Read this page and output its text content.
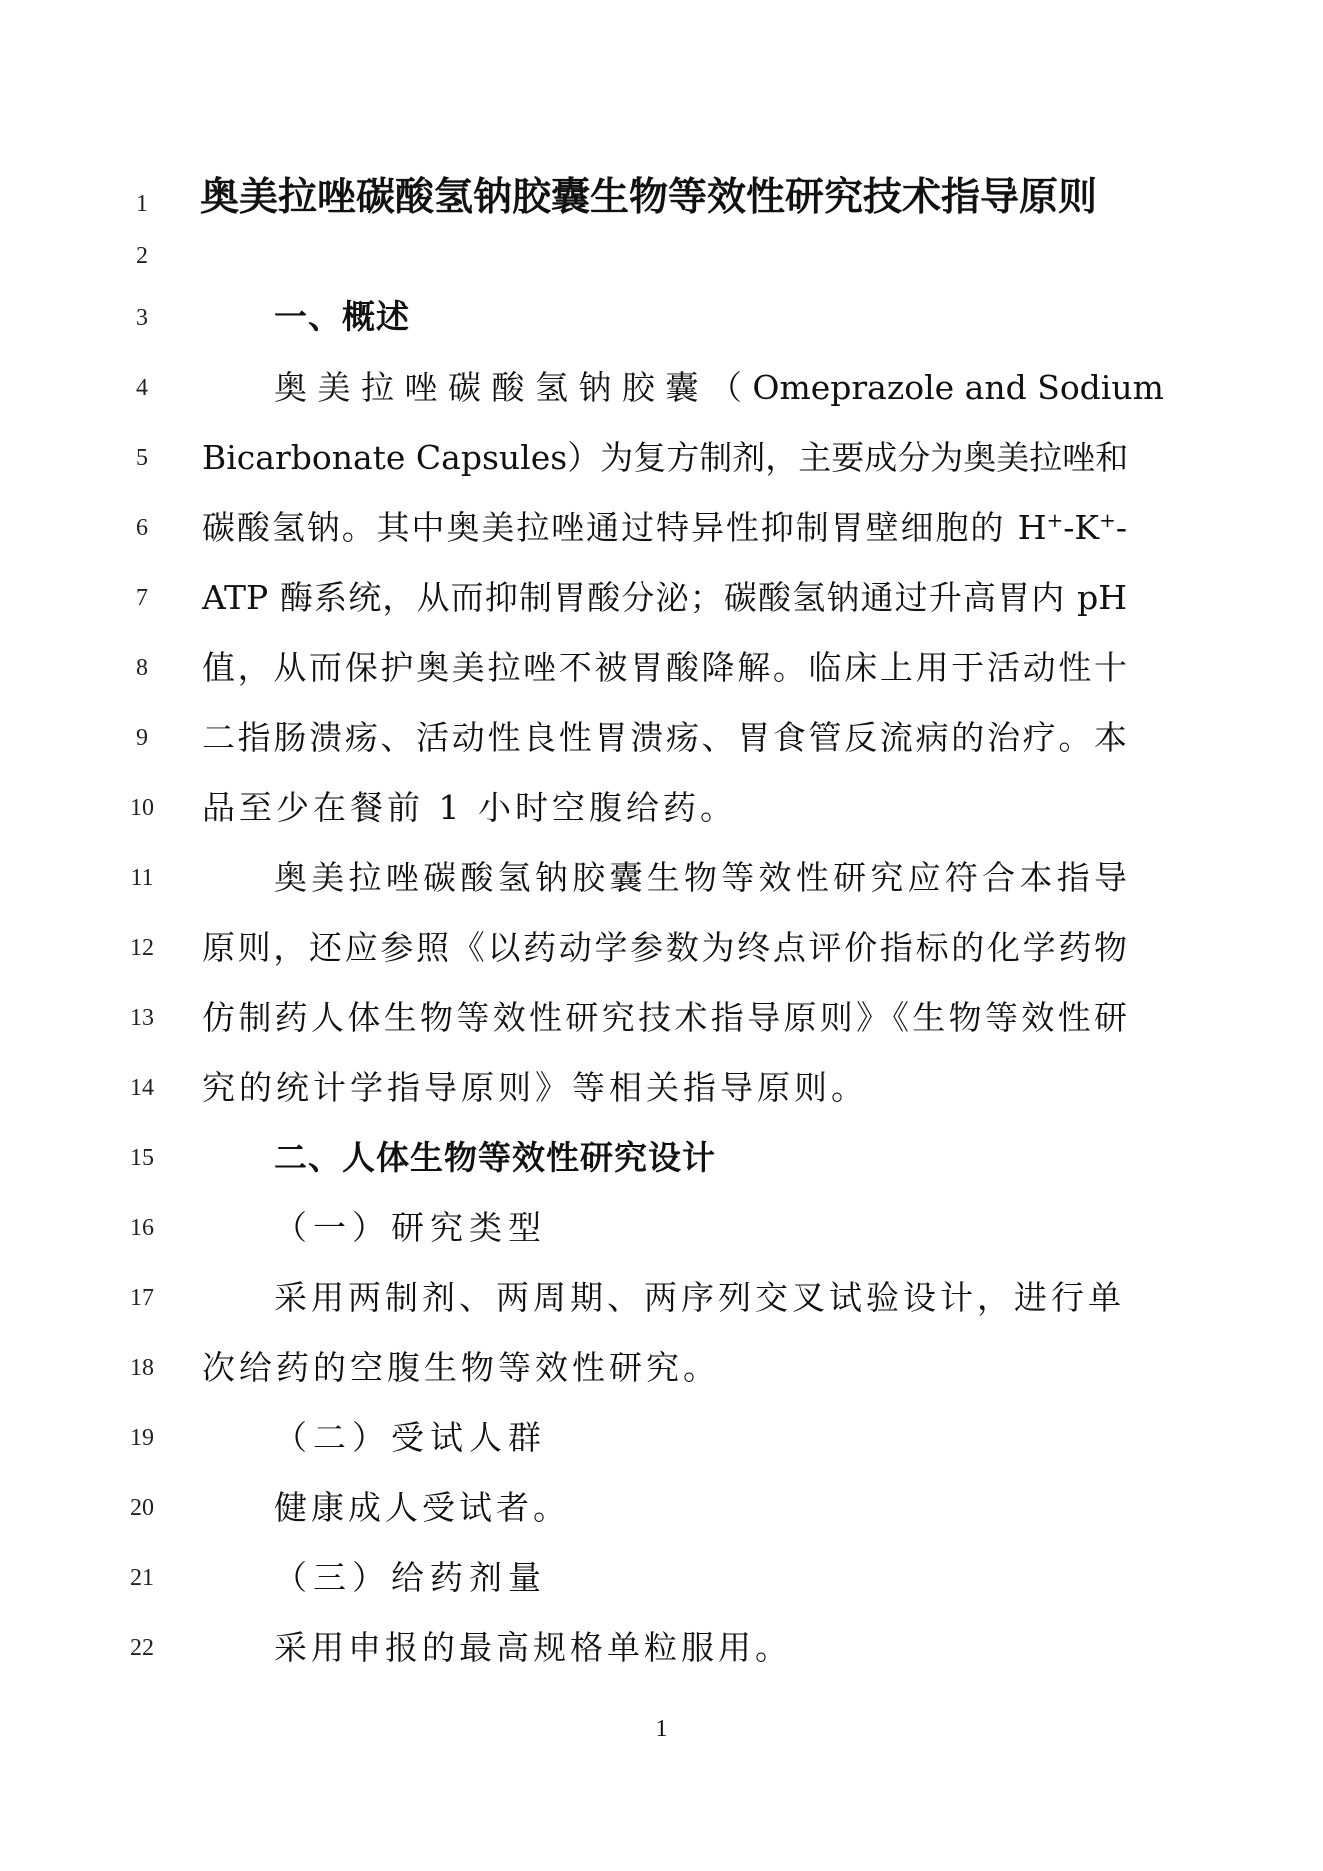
1
2
3
4
5
6
7
8
9
10
11
12
13
14
15
16
17
18
19
20
21
22
奥美拉唑碳酸氢钠胶囊生物等效性研究技术指导原则
一、概述
奥 美 拉 唑 碳 酸 氢 钠 胶 囊 （ Omeprazole and Sodium
Bicarbonate Capsules）为复方制剂，主要成分为奥美拉唑和
碳酸氢钠。其中奥美拉唑通过特异性抑制胃壁细胞的 H+-K+-
ATP 酶系统，从而抑制胃酸分泌；碳酸氢钠通过升高胃内 pH
值，从而保护奥美拉唑不被胃酸降解。临床上用于活动性十
二指肠溃疡、活动性良性胃溃疡、胃食管反流病的治疗。本
品至少在餐前 1 小时空腹给药。
奥美拉唑碳酸氢钠胶囊生物等效性研究应符合本指导
原则，还应参照《以药动学参数为终点评价指标的化学药物
仿制药人体生物等效性研究技术指导原则》《生物等效性研
究的统计学指导原则》等相关指导原则。
二、人体生物等效性研究设计
（一）研究类型
采用两制剂、两周期、两序列交叉试验设计，进行单
次给药的空腹生物等效性研究。
（二）受试人群
健康成人受试者。
（三）给药剂量
采用申报的最高规格单粒服用。
1
